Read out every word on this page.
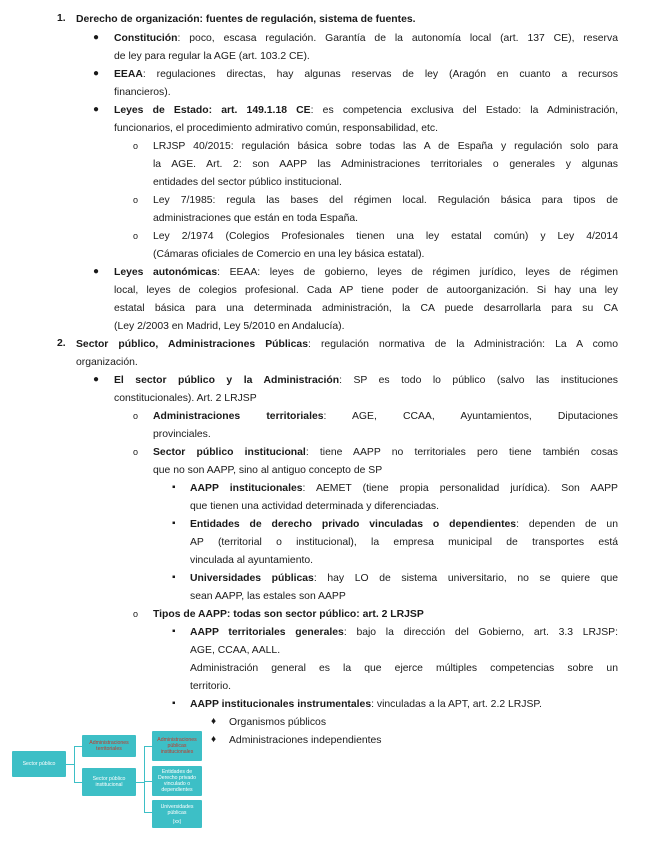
1. Derecho de organización: fuentes de regulación, sistema de fuentes.
● Constitución: poco, escasa regulación. Garantía de la autonomía local (art. 137 CE), reserva
de ley para regular la AGE (art. 103.2 CE).
● EEAA: regulaciones directas, hay algunas reservas de ley (Aragón en cuanto a recursos
financieros).
● Leyes de Estado: art. 149.1.18 CE: es competencia exclusiva del Estado: la Administración,
funcionarios, el procedimiento admirativo común, responsabilidad, etc.
o LRJSP 40/2015: regulación básica sobre todas las A de España y regulación solo para
la AGE. Art. 2: son AAPP las Administraciones territoriales o generales y algunas
entidades del sector público institucional.
o Ley 7/1985: regula las bases del régimen local. Regulación básica para tipos de
administraciones que están en toda España.
o Ley 2/1974 (Colegios Profesionales tienen una ley estatal común) y Ley 4/2014
(Cámaras oficiales de Comercio en una ley básica estatal).
● Leyes autonómicas: EEAA: leyes de gobierno, leyes de régimen jurídico, leyes de régimen
local, leyes de colegios profesional. Cada AP tiene poder de autoorganización. Si hay una ley
estatal básica para una determinada administración, la CA puede desarrollarla para su CA
(Ley 2/2003 en Madrid, Ley 5/2010 en Andalucía).
2. Sector público, Administraciones Públicas: regulación normativa de la Administración: La A como
organización.
● El sector público y la Administración: SP es todo lo público (salvo las instituciones
constitucionales). Art. 2 LRJSP
o Administraciones territoriales: AGE, CCAA, Ayuntamientos, Diputaciones
provinciales.
o Sector público institucional: tiene AAPP no territoriales pero tiene también cosas
que no son AAPP, sino al antiguo concepto de SP
▪ AAPP institucionales: AEMET (tiene propia personalidad jurídica). Son AAPP
que tienen una actividad determinada y diferenciadas.
▪ Entidades de derecho privado vinculadas o dependientes: dependen de un
AP (territorial o institucional), la empresa municipal de transportes está
vinculada al ayuntamiento.
▪ Universidades públicas: hay LO de sistema universitario, no se quiere que
sean AAPP, las estales son AAPP
o Tipos de AAPP: todas son sector público: art. 2 LRJSP
▪ AAPP territoriales generales: bajo la dirección del Gobierno, art. 3.3 LRJSP:
AGE, CCAA, AALL.
Administración general es la que ejerce múltiples competencias sobre un
territorio.
▪ AAPP institucionales instrumentales: vinculadas a la APT, art. 2.2 LRJSP.
♦ Organismos públicos
♦ Administraciones independientes
Sector público
Administraciones territoriales
Sector público institucional
Administraciones públicas institucionales
Entidades de Derecho privado vinculado o dependientes
Universidades públicas
(xx)
